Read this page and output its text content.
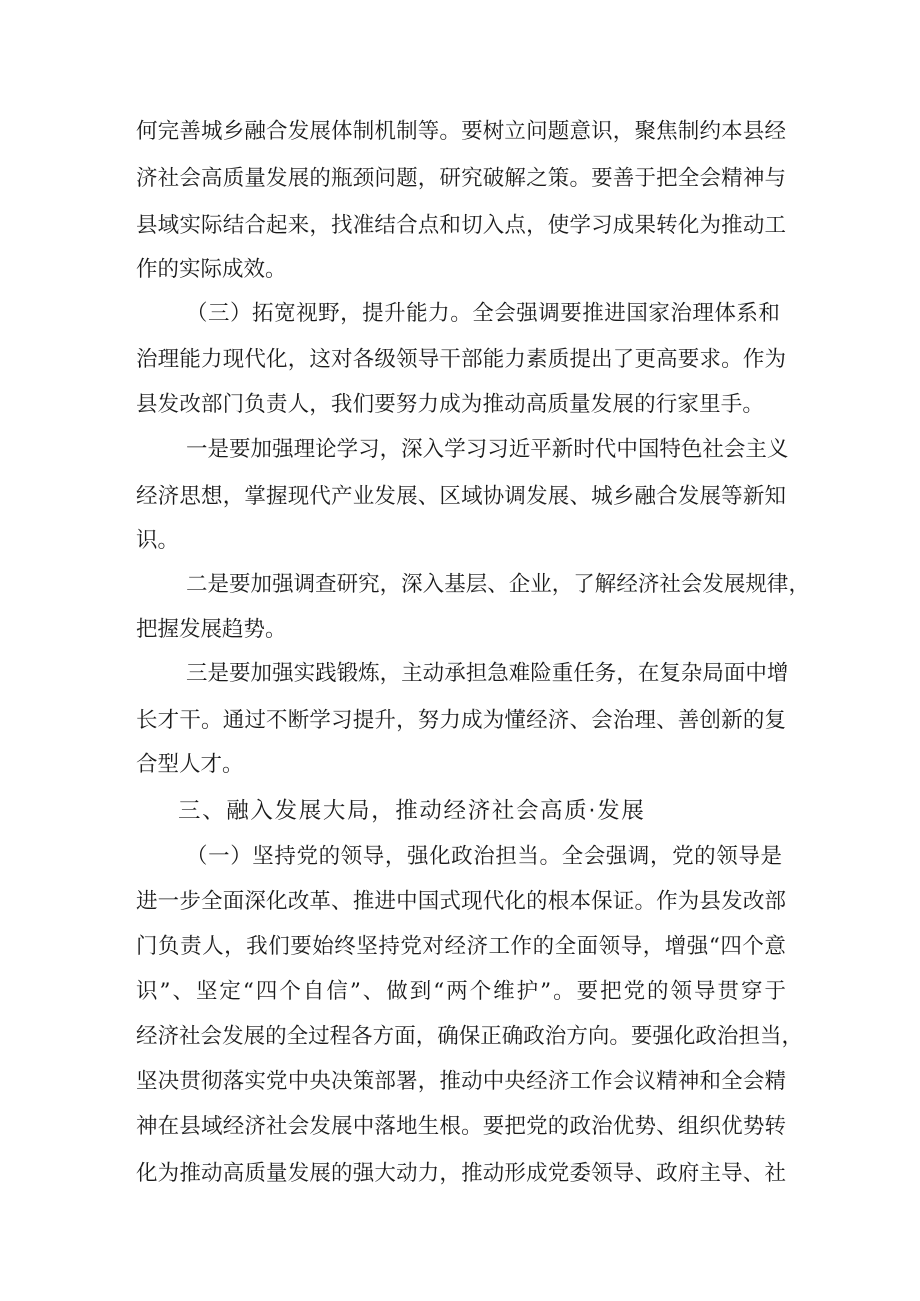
何 完 善 城 乡 融 合 发 展 体 制 机 制 等 。 要 树 立 问 题 意 识 ， 聚 焦 制 约 本 县 经
济 社 会 高 质 量 发 展 的 瓶 颈 问 题 ， 研 究 破 解 之 策 。 要 善 于 把 全 会 精 神 与
县 域 实 际 结 合 起 来 ， 找 准 结 合 点 和 切 入 点 ， 使 学 习 成 果 转 化 为 推 动 工
作的实际成效。
（ 三 ） 拓 宽 视 野 ， 提 升 能 力 。 全 会 强 调 要 推 进 国 家 治 理 体 系 和
治 理 能 力 现 代 化 ， 这 对 各 级 领 导 干 部 能 力 素 质 提 出 了 更 高 要 求 。 作 为
县 发 改 部 门 负 责 人 ， 我 们 要 努 力 成 为 推 动 高 质 量 发 展 的 行 家 里 手 。
一 是 要 加 强 理 论 学 习 ， 深 入 学 习 习 近 平 新 时 代 中 国 特 色 社 会 主 义
经 济 思 想 ， 掌 握 现 代 产 业 发 展 、 区 域 协 调 发 展 、 城 乡 融 合 发 展 等 新 知
识。
二 是 要 加 强 调 查 研 究 ， 深 入 基 层 、 企 业 ， 了 解 经 济 社 会 发 展 规 律 ，
把握发展趋势。
三 是 要 加 强 实 践 锻 炼 ， 主 动 承 担 急 难 险 重 任 务 ， 在 复 杂 局 面 中 增
长 才 干 。 通 过 不 断 学 习 提 升 ， 努 力 成 为 懂 经 济 、 会 治 理 、 善 创 新 的 复
合型人才。
三 、 融 入 发 展 大 局 ， 推 动 经 济 社 会 高 质 · 发 展
（ 一 ） 坚 持 党 的 领 导 ， 强 化 政 治 担 当 。 全 会 强 调 ， 党 的 领 导 是
进 一 步 全 面 深 化 改 革 、 推 进 中 国 式 现 代 化 的 根 本 保 证 。 作 为 县 发 改 部
门 负 责 人 ， 我 们 要 始 终 坚 持 党 对 经 济 工 作 的 全 面 领 导 ， 增 强 “ 四 个 意
识 ” 、 坚 定 “ 四 个 自 信 ” 、 做 到 “ 两 个 维 护 ” 。 要 把 党 的 领 导 贯 穿 于
经 济 社 会 发 展 的 全 过 程 各 方 面 ， 确 保 正 确 政 治 方 向 。 要 强 化 政 治 担 当 ，
坚 决 贯 彻 落 实 党 中 央 决 策 部 署 ， 推 动 中 央 经 济 工 作 会 议 精 神 和 全 会 精
神 在 县 域 经 济 社 会 发 展 中 落 地 生 根 。 要 把 党 的 政 治 优 势 、 组 织 优 势 转
化 为 推 动 高 质 量 发 展 的 强 大 动 力 ， 推 动 形 成 党 委 领 导 、 政 府 主 导 、 社
